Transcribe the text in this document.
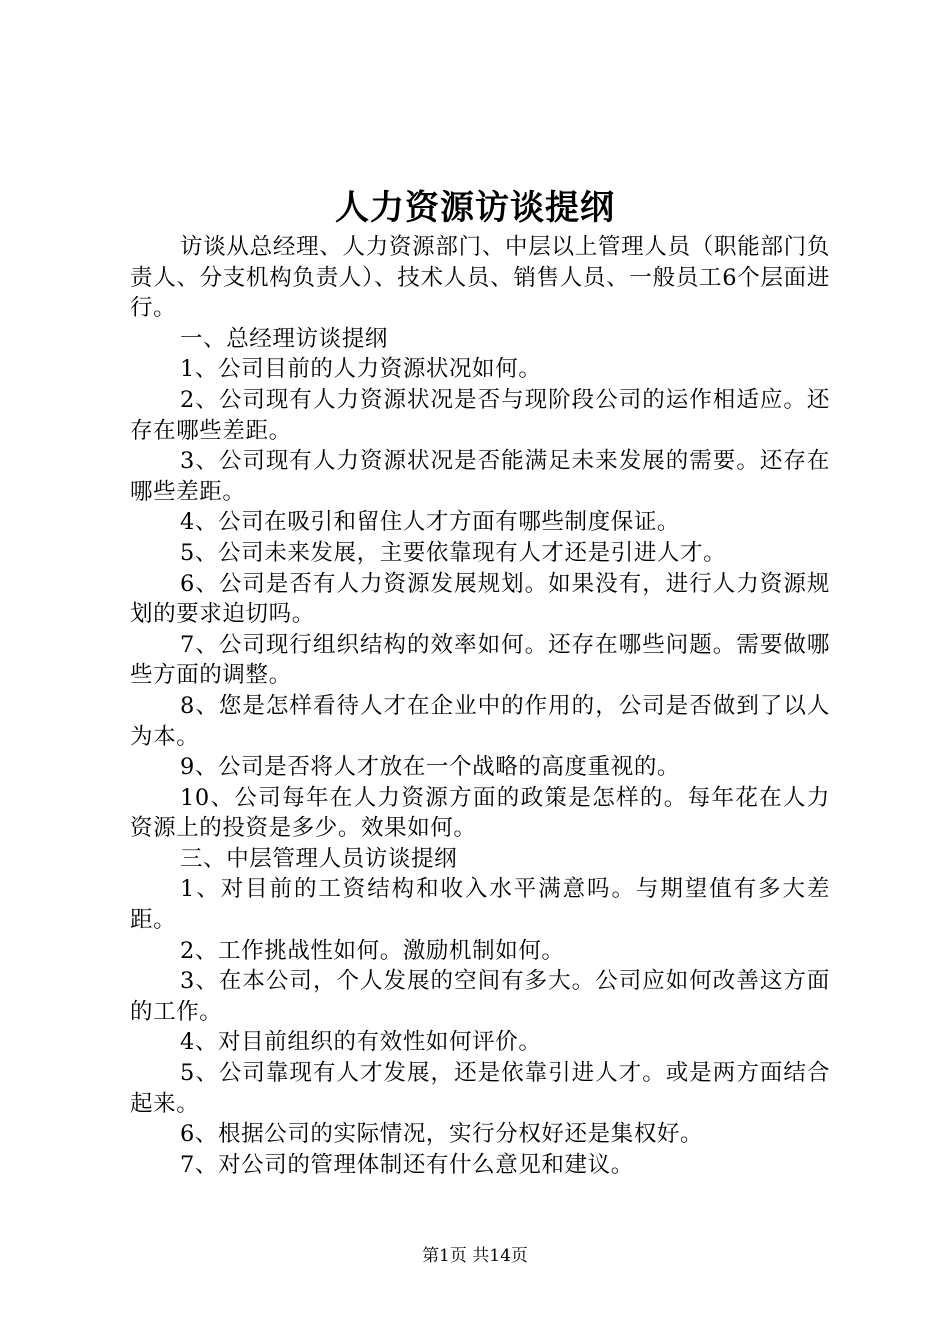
人力资源访谈提纲

访谈从总经理、人力资源部门、中层以上管理人员（职能部门负责人、分支机构负责人）、技术人员、销售人员、一般员工6个层面进行。

一、总经理访谈提纲

1、公司目前的人力资源状况如何。

2、公司现有人力资源状况是否与现阶段公司的运作相适应。还存在哪些差距。

3、公司现有人力资源状况是否能满足未来发展的需要。还存在哪些差距。

4、公司在吸引和留住人才方面有哪些制度保证。

5、公司未来发展，主要依靠现有人才还是引进人才。

6、公司是否有人力资源发展规划。如果没有，进行人力资源规划的要求迫切吗。

7、公司现行组织结构的效率如何。还存在哪些问题。需要做哪些方面的调整。

8、您是怎样看待人才在企业中的作用的，公司是否做到了以人为本。

9、公司是否将人才放在一个战略的高度重视的。

10、公司每年在人力资源方面的政策是怎样的。每年花在人力资源上的投资是多少。效果如何。

三、中层管理人员访谈提纲

1、对目前的工资结构和收入水平满意吗。与期望值有多大差距。

2、工作挑战性如何。激励机制如何。

3、在本公司，个人发展的空间有多大。公司应如何改善这方面的工作。

4、对目前组织的有效性如何评价。

5、公司靠现有人才发展，还是依靠引进人才。或是两方面结合起来。

6、根据公司的实际情况，实行分权好还是集权好。

7、对公司的管理体制还有什么意见和建议。

第1页 共14页
